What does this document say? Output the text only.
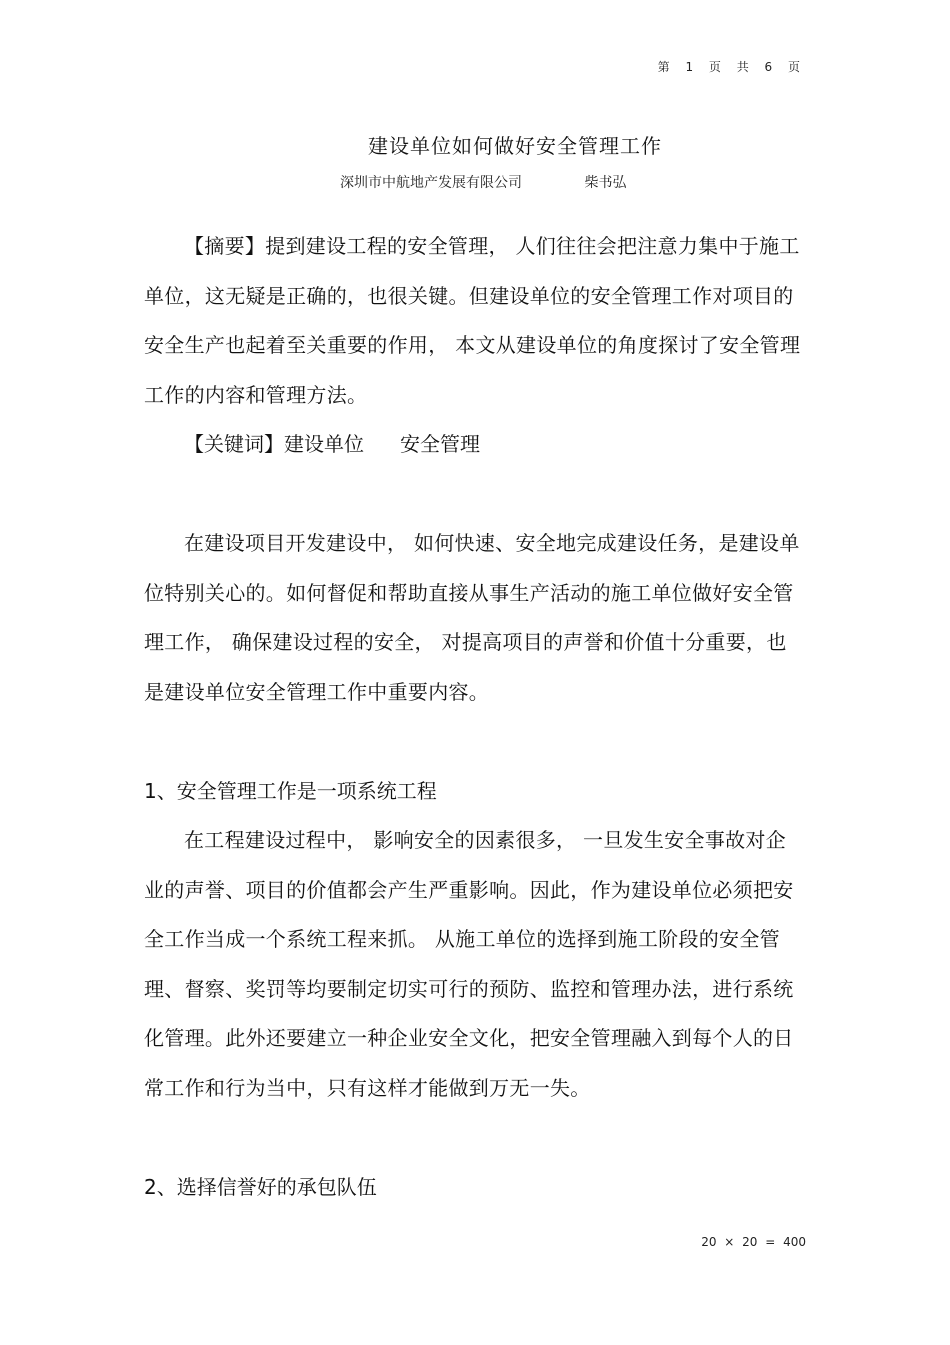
第 1 页 共 6 页
建设单位如何做好安全管理工作
深圳市中航地产发展有限公司	柴书弘

【摘要】提到建设工程的安全管理， 人们往往会把注意力集中于施工单位，这无疑是正确的，也很关键。但建设单位的安全管理工作对项目的安全生产也起着至关重要的作用， 本文从建设单位的角度探讨了安全管理工作的内容和管理方法。

【关键词】建设单位 安全管理

在建设项目开发建设中， 如何快速、安全地完成建设任务，是建设单位特别关心的。如何督促和帮助直接从事生产活动的施工单位做好安全管理工作， 确保建设过程的安全， 对提高项目的声誉和价值十分重要，也是建设单位安全管理工作中重要内容。

1、安全管理工作是一项系统工程

在工程建设过程中， 影响安全的因素很多， 一旦发生安全事故对企业的声誉、项目的价值都会产生严重影响。因此，作为建设单位必须把安全工作当成一个系统工程来抓。 从施工单位的选择到施工阶段的安全管理、督察、奖罚等均要制定切实可行的预防、监控和管理办法，进行系统化管理。此外还要建立一种企业安全文化，把安全管理融入到每个人的日常工作和行为当中，只有这样才能做到万无一失。

2、选择信誉好的承包队伍

20 × 20 = 400
